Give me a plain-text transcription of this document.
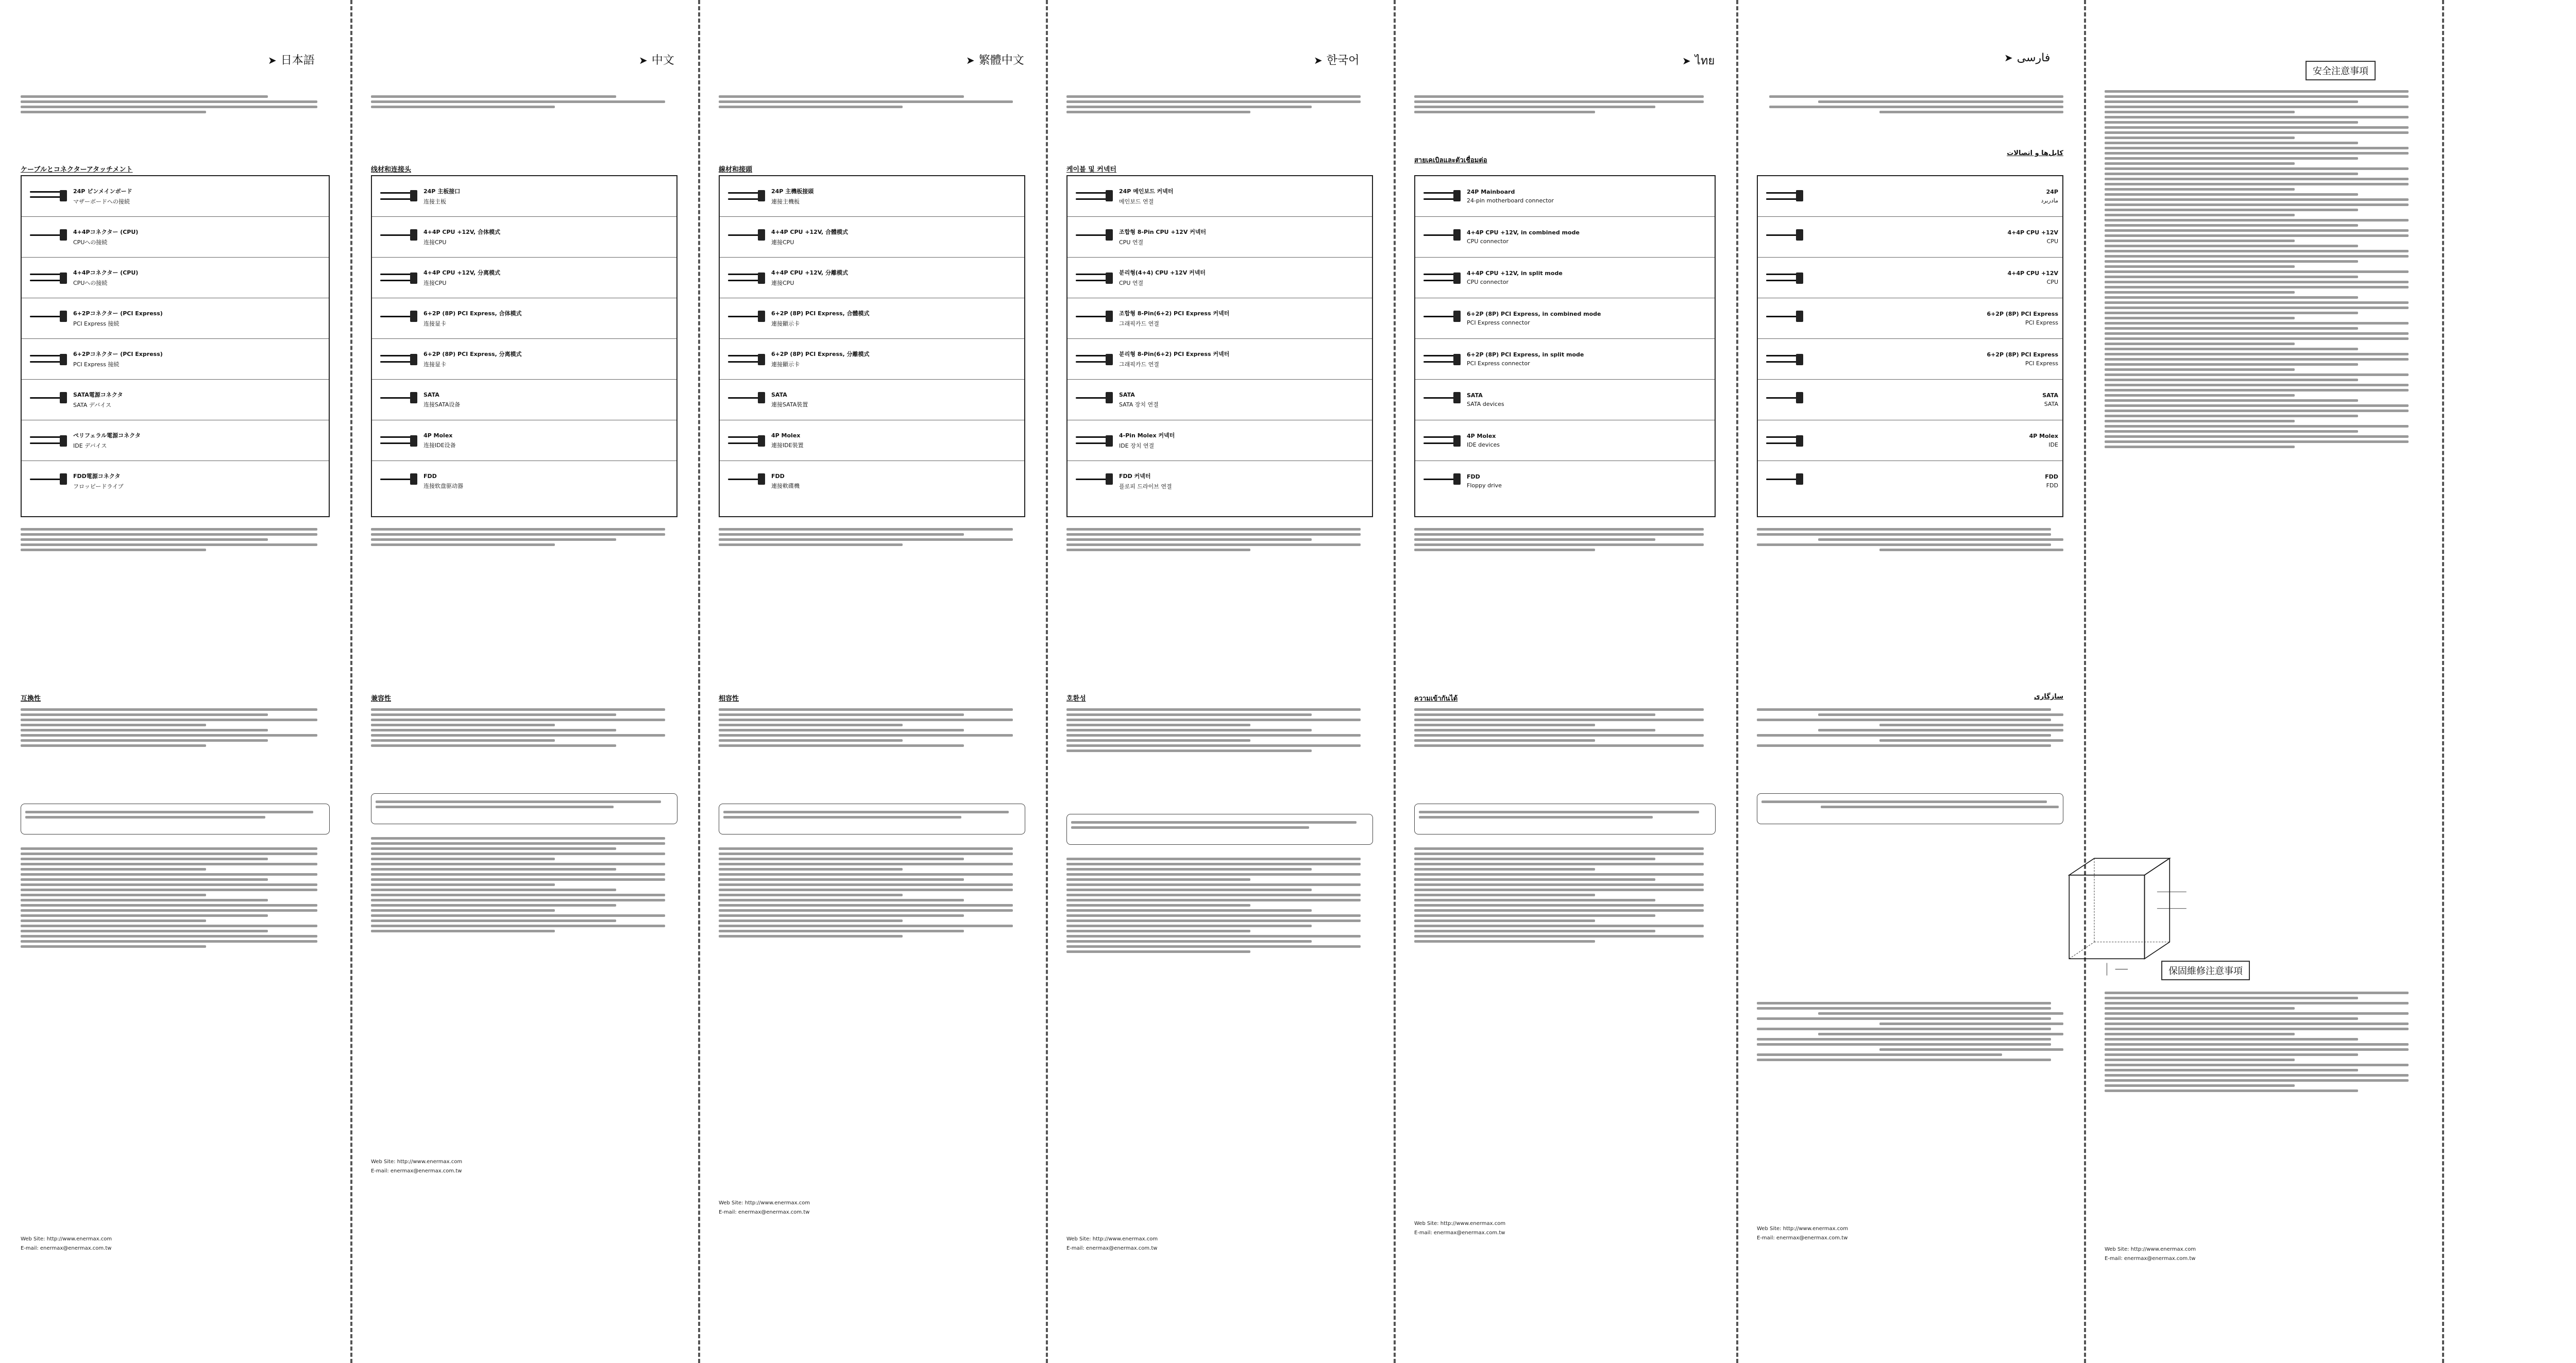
➤ 日本語
ケーブルとコネクターアタッチメント
24P ピンメインボード
マザーボードへの接続
4+4Pコネクター (CPU)
CPUへの接続
4+4Pコネクター (CPU)
CPUへの接続
6+2Pコネクター (PCI Express)
PCI Express 接続
6+2Pコネクター (PCI Express)
PCI Express 接続
SATA電源コネクタ
SATA デバイス
ペリフェラル電源コネクタ
IDE デバイス
FDD電源コネクタ
フロッピードライブ
互換性
Web Site: http://www.enermax.com
E-mail: enermax@enermax.com.tw
➤ 中文
线材和连接头
24P 主板接口
连接主板
4+4P CPU +12V, 合体模式
连接CPU
4+4P CPU +12V, 分离模式
连接CPU
6+2P (8P) PCI Express, 合体模式
连接显卡
6+2P (8P) PCI Express, 分离模式
连接显卡
SATA
连接SATA设备
4P Molex
连接IDE设备
FDD
连接软盘驱动器
兼容性
Web Site: http://www.enermax.com
E-mail: enermax@enermax.com.tw
➤ 繁體中文
線材和接頭
24P 主機板接頭
連接主機板
4+4P CPU +12V, 合體模式
連接CPU
4+4P CPU +12V, 分離模式
連接CPU
6+2P (8P) PCI Express, 合體模式
連接顯示卡
6+2P (8P) PCI Express, 分離模式
連接顯示卡
SATA
連接SATA裝置
4P Molex
連接IDE裝置
FDD
連接軟碟機
相容性
Web Site: http://www.enermax.com
E-mail: enermax@enermax.com.tw
➤ 한국어
케이블 및 커넥터
24P 메인보드 커넥터
메인보드 연결
조합형 8-Pin CPU +12V 커넥터
CPU 연결
분리형(4+4) CPU +12V 커넥터
CPU 연결
조합형 8-Pin(6+2) PCI Express 커넥터
그래픽카드 연결
분리형 8-Pin(6+2) PCI Express 커넥터
그래픽카드 연결
SATA
SATA 장치 연결
4-Pin Molex 커넥터
IDE 장치 연결
FDD 커넥터
플로피 드라이브 연결
호환성
Web Site: http://www.enermax.com
E-mail: enermax@enermax.com.tw
➤ ไทย
สายเคเบิลและตัวเชื่อมต่อ
24P Mainboard
24-pin motherboard connector
4+4P CPU +12V, in combined mode
CPU connector
4+4P CPU +12V, in split mode
CPU connector
6+2P (8P) PCI Express, in combined mode
PCI Express connector
6+2P (8P) PCI Express, in split mode
PCI Express connector
SATA
SATA devices
4P Molex
IDE devices
FDD
Floppy drive
ความเข้ากันได้
Web Site: http://www.enermax.com
E-mail: enermax@enermax.com.tw
➤ فارسی
کابل‌ها و اتصالات
24P
مادربرد
4+4P CPU +12V
CPU
4+4P CPU +12V
CPU
6+2P (8P) PCI Express
PCI Express
6+2P (8P) PCI Express
PCI Express
SATA
SATA
4P Molex
IDE
FDD
FDD
سازگاری
Web Site: http://www.enermax.com
E-mail: enermax@enermax.com.tw
安全注意事項
保固維修注意事項
Web Site: http://www.enermax.com
E-mail: enermax@enermax.com.tw
